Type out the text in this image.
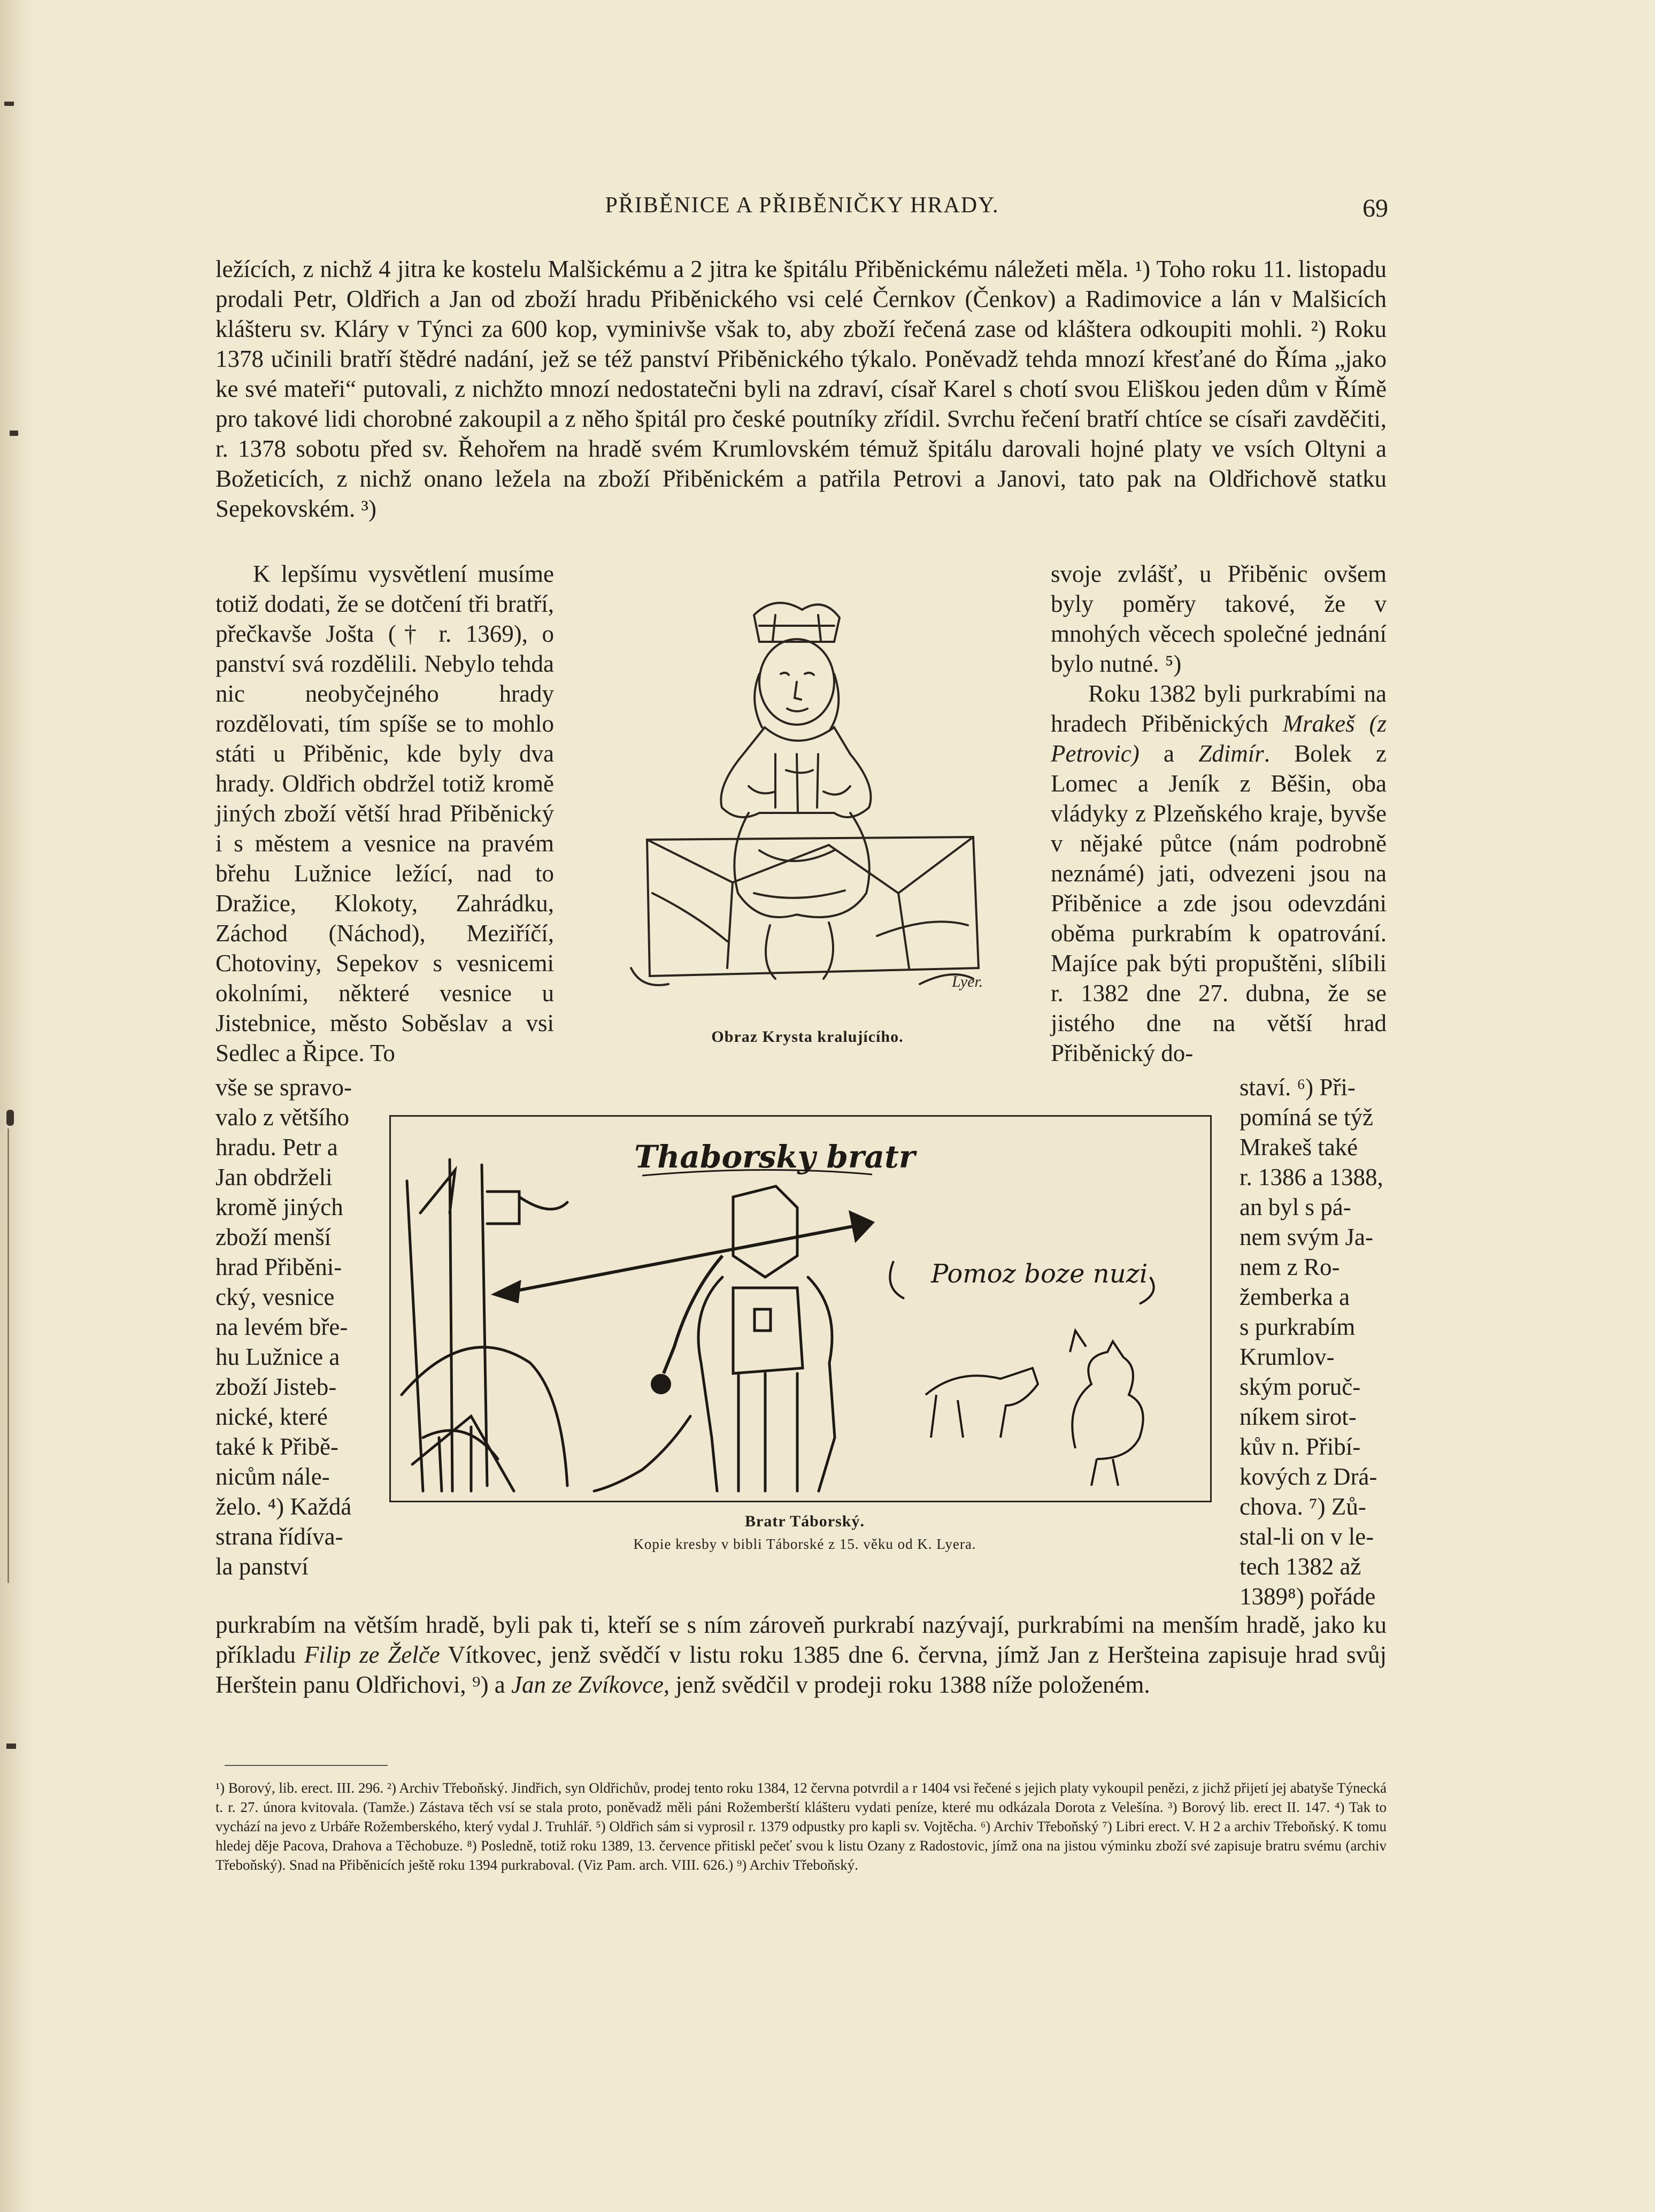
PŘIBĚNICE A PŘIBĚNIČKY HRADY.	69

ležících, z nichž 4 jitra ke kostelu Malšickému a 2 jitra ke špitálu Přiběnickému náležeti měla. ¹) Toho roku 11. listopadu prodali Petr, Oldřich a Jan od zboží hradu Přiběnického vsi celé Černkov (Čenkov) a Radimovice a lán v Malšicích klášteru sv. Kláry v Týnci za 600 kop, vyminivše však to, aby zboží řečená zase od kláštera odkoupiti mohli. ²) Roku 1378 učinili bratří štědré nadání, jež se též panství Přiběnického týkalo. Poněvadž tehda mnozí křesťané do Říma „jako ke své mateři“ putovali, z nichžto mnozí nedostatečni byli na zdraví, císař Karel s chotí svou Eliškou jeden dům v Římě pro takové lidi chorobné zakoupil a z něho špitál pro české poutníky zřídil. Svrchu řečení bratří chtíce se císaři zavděčiti, r. 1378 sobotu před sv. Řehořem na hradě svém Krumlovském témuž špitálu darovali hojné platy ve vsích Oltyni a Božeticích, z nichž onano ležela na zboží Přiběnickém a patřila Petrovi a Janovi, tato pak na Oldřichově statku Sepekovském. ³)

K lepšímu vysvětlení musíme totiž dodati, že se dotčení tři bratří, přečkavše Jošta († r. 1369), o panství svá rozdělili. Nebylo tehda nic neobyčejného hrady rozdělovati, tím spíše se to mohlo státi u Přiběnic, kde byly dva hrady. Oldřich obdržel totiž kromě jiných zboží větší hrad Přiběnický i s městem a vesnice na pravém břehu Lužnice ležící, nad to Dražice, Klokoty, Zahrádku, Záchod (Náchod), Meziříčí, Chotoviny, Sepekov s vesnicemi okolními, některé vesnice u Jistebnice, město Soběslav a vsi Sedlec a Řipce. To

vše se spravo-
valo z většího
hradu. Petr a
Jan obdrželi
kromě jiných
zboží menší
hrad Přiběni-
cký, vesnice
na levém bře-
hu Lužnice a
zboží Jisteb-
nické, které
také k Přibě-
nicům nále-
želo. ⁴) Každá
strana řídíva-
la panství

svoje zvlášť, u Přiběnic ovšem byly poměry takové, že v mnohých věcech společné jednání bylo nutné. ⁵)

Roku 1382 byli purkrabími na hradech Přiběnických Mrakeš (z Petrovic) a Zdimír. Bolek z Lomec a Jeník z Běšin, oba vládyky z Plzeňského kraje, byvše v nějaké půtce (nám podrobně neznámé) jati, odvezeni jsou na Přiběnice a zde jsou odevzdáni oběma purkrabím k opatrování. Majíce pak býti propuštěni, slíbili r. 1382 dne 27. dubna, že se jistého dne na větší hrad Přiběnický do-

staví. ⁶) Při-
pomíná se týž
Mrakeš také
r. 1386 a 1388,
an byl s pá-
nem svým Ja-
nem z Ro-
žemberka a
s purkrabím
Krumlov-
ským poruč-
níkem sirot-
kův n. Přibí-
kových z Drá-
chova. ⁷) Zů-
stal-li on v le-
tech 1382 až
1389⁸) pořáde
Lyer.
Obraz Krysta kralujícího.
Thaborsky bratr
Pomoz boze nuzi
Bratr Táborský.
Kopie kresby v bibli Táborské z 15. věku od K. Lyera.

purkrabím na větším hradě, byli pak ti, kteří se s ním zároveň purkrabí nazývají, purkrabími na menším hradě, jako ku příkladu Filip ze Želče Vítkovec, jenž svědčí v listu roku 1385 dne 6. června, jímž Jan z Heršteina zapisuje hrad svůj Herštein panu Oldřichovi, ⁹) a Jan ze Zvíkovce, jenž svědčil v prodeji roku 1388 níže položeném.

¹) Borový, lib. erect. III. 296. ²) Archiv Třeboňský. Jindřich, syn Oldřichův, prodej tento roku 1384, 12 června potvrdil a r 1404 vsi řečené s jejich platy vykoupil penězi, z jichž přijetí jej abatyše Týnecká t. r. 27. února kvitovala. (Tamže.) Zástava těch vsí se stala proto, poněvadž měli páni Rožemberští klášteru vydati peníze, které mu odkázala Dorota z Velešína. ³) Borový lib. erect II. 147. ⁴) Tak to vychází na jevo z Urbáře Rožemberského, který vydal J. Truhlář. ⁵) Oldřich sám si vyprosil r. 1379 odpustky pro kapli sv. Vojtěcha. ⁶) Archiv Třeboňský ⁷) Libri erect. V. H 2 a archiv Třeboňský. K tomu hledej děje Pacova, Drahova a Těchobuze. ⁸) Posledně, totiž roku 1389, 13. července přitiskl pečeť svou k listu Ozany z Radostovic, jímž ona na jistou výminku zboží své zapisuje bratru svému (archiv Třeboňský). Snad na Přiběnicích ještě roku 1394 purkraboval. (Viz Pam. arch. VIII. 626.) ⁹) Archiv Třeboňský.
